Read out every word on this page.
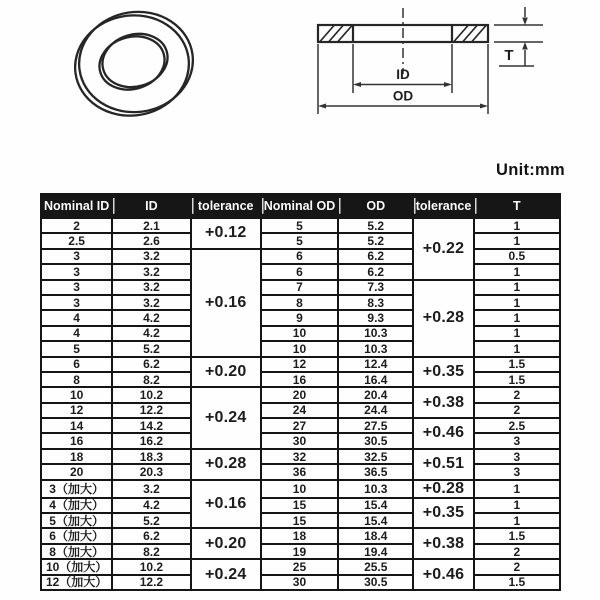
ID
OD
T
Unit:mm
Nominal ID	ID	tolerance	Nominal OD	OD	tolerance	T
2	2.1	+0.12	5	5.2	+0.22	1
2.5	2.6		5	5.2		1
3	3.2	+0.16	6	6.2		0.5
3	3.2		6	6.2		1
3	3.2		7	7.3	+0.28	1
3	3.2		8	8.3		1
4	4.2		9	9.3		1
4	4.2		10	10.3		1
5	5.2		10	10.3		1
6	6.2	+0.20	12	12.4	+0.35	1.5
8	8.2		16	16.4		1.5
10	10.2	+0.24	20	20.4	+0.38	2
12	12.2		24	24.4		2
14	14.2		27	27.5	+0.46	2.5
16	16.2		30	30.5		3
18	18.3	+0.28	32	32.5	+0.51	3
20	20.3		36	36.5		3
3（加大）	3.2	+0.16	10	10.3	+0.28	1
4（加大）	4.2		15	15.4	+0.35	1
5（加大）	5.2		15	15.4		1
6（加大）	6.2	+0.20	18	18.4	+0.38	1.5
8（加大）	8.2		19	19.4		2
10（加大）	10.2	+0.24	25	25.5	+0.46	2
12（加大）	12.2		30	30.5		1.5
